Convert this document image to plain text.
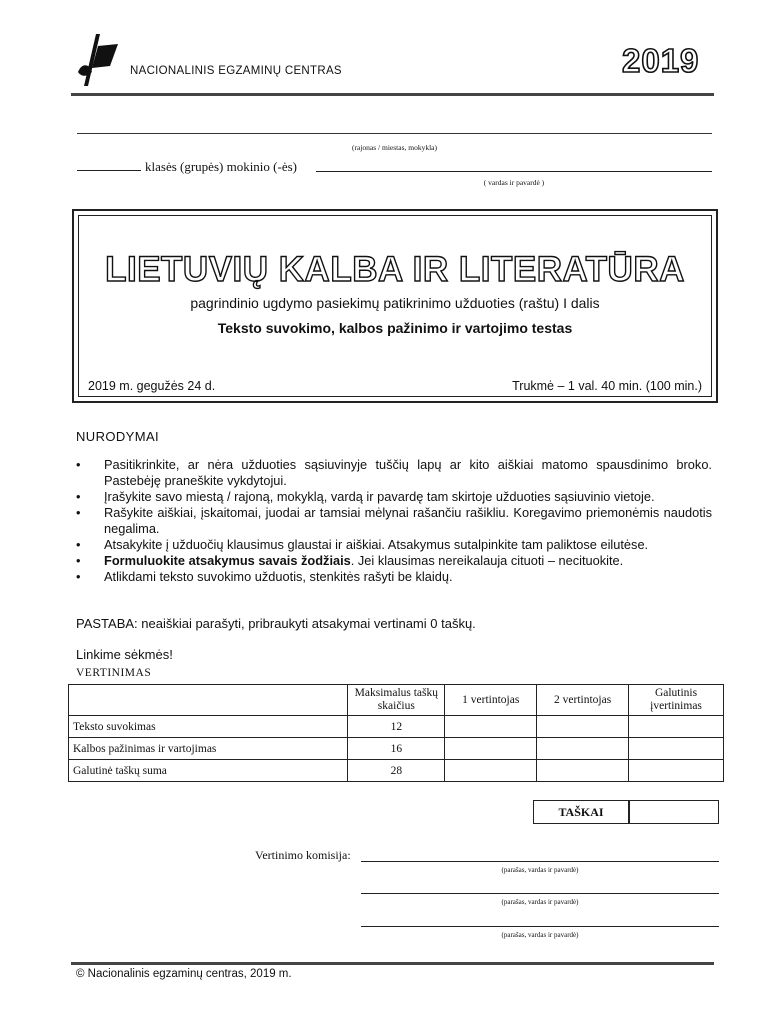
NACIONALINIS EGZAMINŲ CENTRAS	2019
(rajonas / miestas, mokykla)
klasės (grupės) mokinio (-ės)
( vardas ir pavardė )
LIETUVIŲ KALBA IR LITERATŪRA
pagrindinio ugdymo pasiekimų patikrinimo užduoties (raštu) I dalis
Teksto suvokimo, kalbos pažinimo ir vartojimo testas
2019 m. gegužės 24 d.	Trukmė – 1 val. 40 min. (100 min.)
NURODYMAI
• Pasitikrinkite, ar nėra užduoties sąsiuvinyje tuščių lapų ar kito aiškiai matomo spausdinimo broko. Pastebėję praneškite vykdytojui.
• Įrašykite savo miestą / rajoną, mokyklą, vardą ir pavardę tam skirtoje užduoties sąsiuvinio vietoje.
• Rašykite aiškiai, įskaitomai, juodai ar tamsiai mėlynai rašančiu rašikliu. Koregavimo priemonėmis naudotis negalima.
• Atsakykite į užduočių klausimus glaustai ir aiškiai. Atsakymus sutalpinkite tam paliktose eilutėse.
• Formuluokite atsakymus savais žodžiais. Jei klausimas nereikalauja cituoti – necituokite.
• Atlikdami teksto suvokimo užduotis, stenkitės rašyti be klaidų.
PASTABA: neaiškiai parašyti, pribraukyti atsakymai vertinami 0 taškų.
Linkime sėkmės!
VERTINIMAS
	Maksimalus taškų skaičius	1 vertintojas	2 vertintojas	Galutinis įvertinimas
Teksto suvokimas	12			
Kalbos pažinimas ir vartojimas	16			
Galutinė taškų suma	28			
TAŠKAI
Vertinimo komisija:
(parašas, vardas ir pavardė)
(parašas, vardas ir pavardė)
(parašas, vardas ir pavardė)
© Nacionalinis egzaminų centras, 2019 m.
